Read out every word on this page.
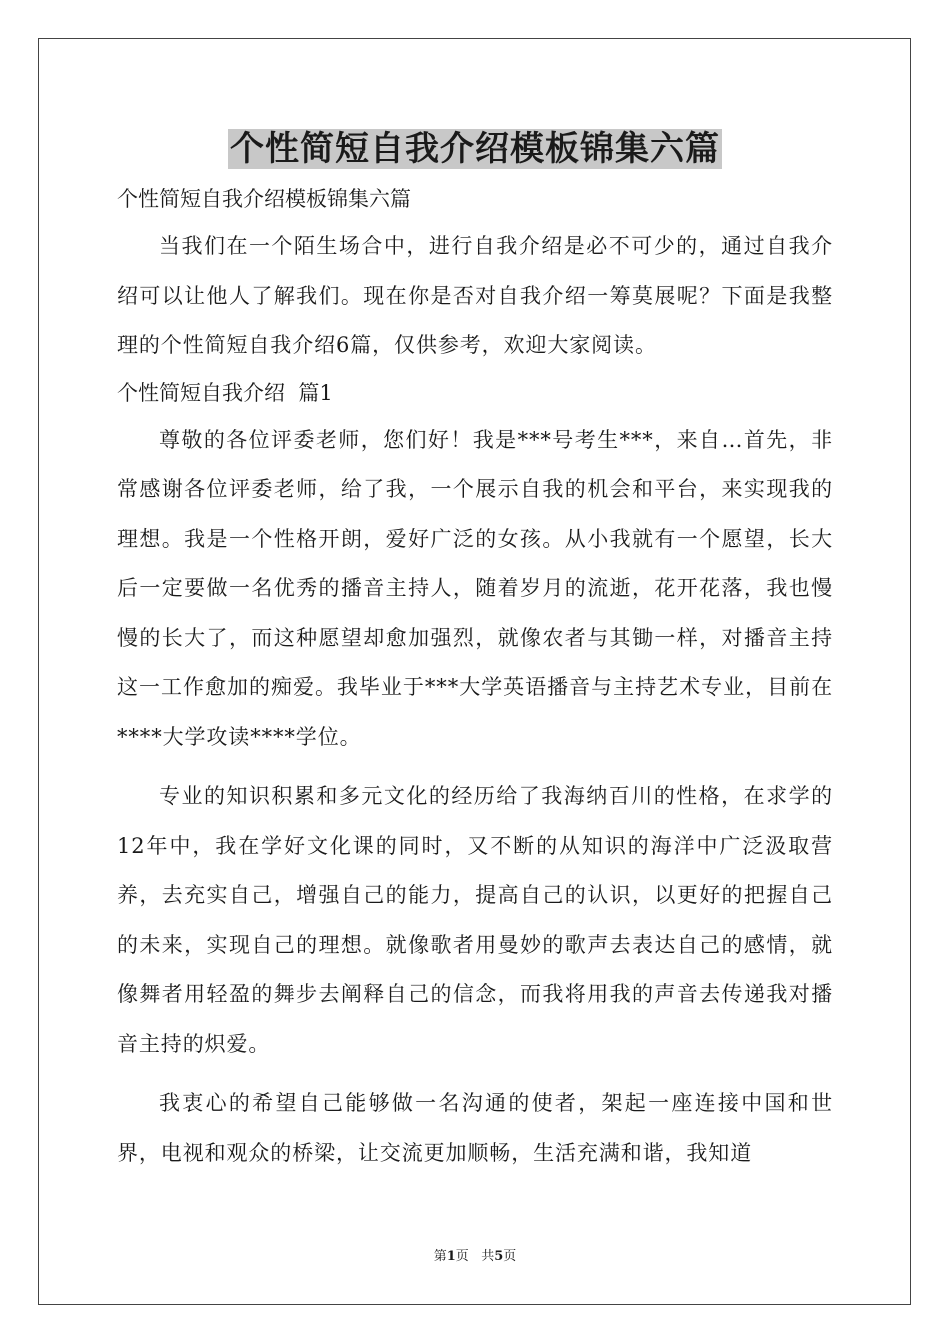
个性简短自我介绍模板锦集六篇

个性简短自我介绍模板锦集六篇

当我们在一个陌生场合中，进行自我介绍是必不可少的，通过自我介绍可以让他人了解我们。现在你是否对自我介绍一筹莫展呢？下面是我整理的个性简短自我介绍6篇，仅供参考，欢迎大家阅读。

个性简短自我介绍  篇1

尊敬的各位评委老师，您们好！我是***号考生***，来自…首先，非常感谢各位评委老师，给了我，一个展示自我的机会和平台，来实现我的理想。我是一个性格开朗，爱好广泛的女孩。从小我就有一个愿望，长大后一定要做一名优秀的播音主持人，随着岁月的流逝，花开花落，我也慢慢的长大了，而这种愿望却愈加强烈，就像农者与其锄一样，对播音主持这一工作愈加的痴爱。我毕业于***大学英语播音与主持艺术专业，目前在****大学攻读****学位。

专业的知识积累和多元文化的经历给了我海纳百川的性格，在求学的12年中，我在学好文化课的同时，又不断的从知识的海洋中广泛汲取营养，去充实自己，增强自己的能力，提高自己的认识，以更好的把握自己的未来，实现自己的理想。就像歌者用曼妙的歌声去表达自己的感情，就像舞者用轻盈的舞步去阐释自己的信念，而我将用我的声音去传递我对播音主持的炽爱。

我衷心的希望自己能够做一名沟通的使者，架起一座连接中国和世界，电视和观众的桥梁，让交流更加顺畅，生活充满和谐，我知道

第1页 共5页
